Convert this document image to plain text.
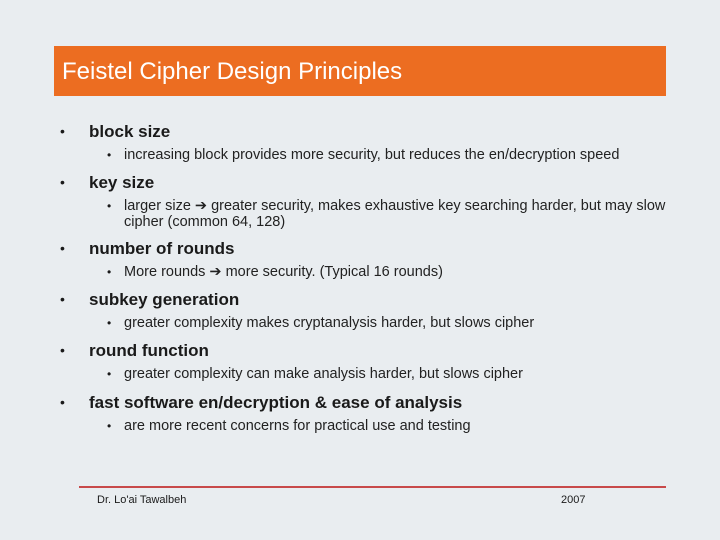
Feistel Cipher Design Principles
• block size
• increasing block provides more security, but reduces the en/decryption speed
• key size
• larger size ➔ greater security, makes exhaustive key searching harder, but may slow cipher (common 64, 128)
• number of rounds
• More rounds ➔ more security. (Typical 16 rounds)
• subkey generation
• greater complexity makes cryptanalysis harder, but slows cipher
• round function
• greater complexity can make analysis harder, but slows cipher
• fast software en/decryption & ease of analysis
• are more recent concerns for practical use and testing
Dr. Lo'ai Tawalbeh	2007
